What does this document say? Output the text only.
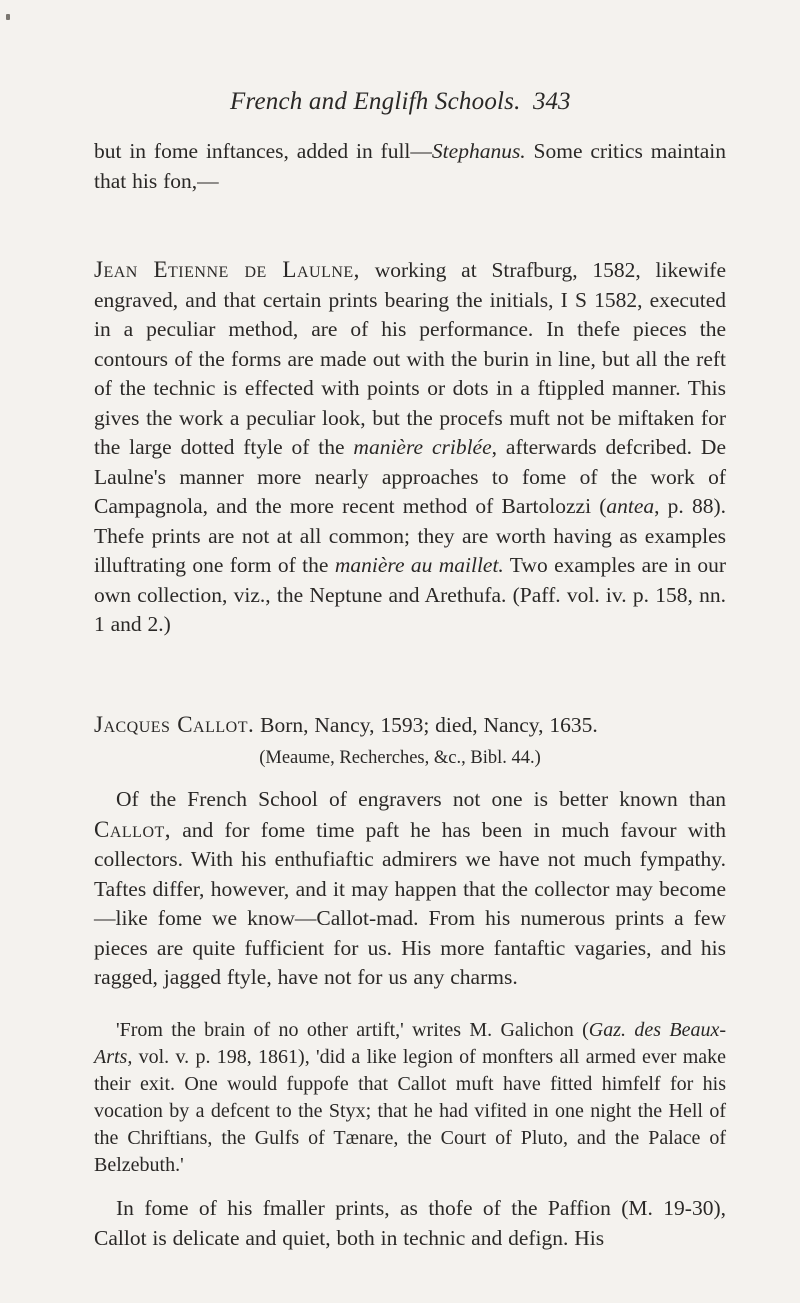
French and Englifh Schools. 343

but in fome inftances, added in full—Stephanus. Some critics maintain that his fon,—

Jean Etienne de Laulne, working at Strafburg, 1582, likewife engraved, and that certain prints bearing the initials, I S 1582, executed in a peculiar method, are of his performance. In thefe pieces the contours of the forms are made out with the burin in line, but all the reft of the technic is effected with points or dots in a ftippled manner. This gives the work a peculiar look, but the procefs muft not be miftaken for the large dotted ftyle of the manière criblée, afterwards defcribed. De Laulne's manner more nearly approaches to fome of the work of Campagnola, and the more recent method of Bartolozzi (antea, p. 88). Thefe prints are not at all common; they are worth having as examples illuftrating one form of the manière au maillet. Two examples are in our own collection, viz., the Neptune and Arethufa. (Paff. vol. iv. p. 158, nn. 1 and 2.)

Jacques Callot. Born, Nancy, 1593; died, Nancy, 1635.

(Meaume, Recherches, &c., Bibl. 44.)

Of the French School of engravers not one is better known than Callot, and for fome time paft he has been in much favour with collectors. With his enthufiaftic admirers we have not much fympathy. Taftes differ, however, and it may happen that the collector may become—like fome we know—Callot-mad. From his numerous prints a few pieces are quite fufficient for us. His more fantaftic vagaries, and his ragged, jagged ftyle, have not for us any charms.

'From the brain of no other artift,' writes M. Galichon (Gaz. des Beaux-Arts, vol. v. p. 198, 1861), 'did a like legion of monfters all armed ever make their exit. One would fuppofe that Callot muft have fitted himfelf for his vocation by a defcent to the Styx; that he had vifited in one night the Hell of the Chriftians, the Gulfs of Tænare, the Court of Pluto, and the Palace of Belzebuth.'

In fome of his fmaller prints, as thofe of the Paffion (M. 19-30), Callot is delicate and quiet, both in technic and defign. His
